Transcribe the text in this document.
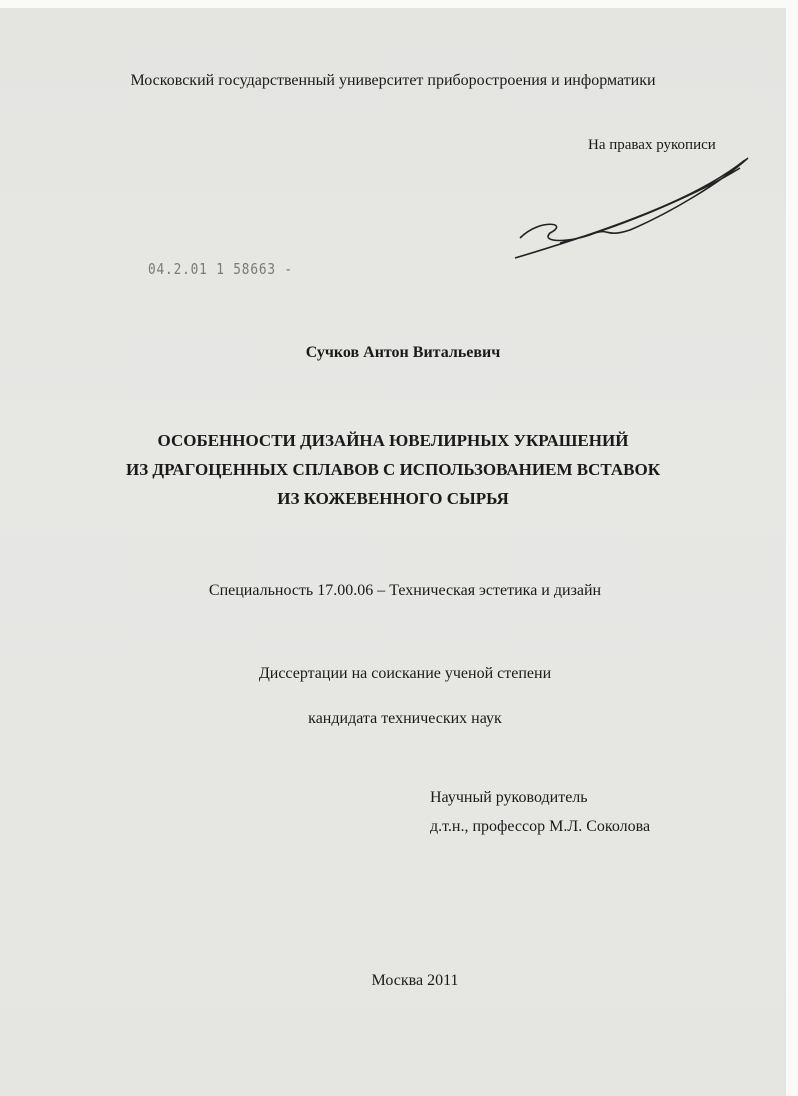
Московский государственный университет приборостроения и информатики
На правах рукописи
04.2.01 1 58663 -
Сучков Антон Витальевич
ОСОБЕННОСТИ ДИЗАЙНА ЮВЕЛИРНЫХ УКРАШЕНИЙ
ИЗ ДРАГОЦЕННЫХ СПЛАВОВ С ИСПОЛЬЗОВАНИЕМ ВСТАВОК
ИЗ КОЖЕВЕННОГО СЫРЬЯ
Специальность 17.00.06 – Техническая эстетика и дизайн
Диссертации на соискание ученой степени
кандидата технических наук
Научный руководитель
д.т.н., профессор М.Л. Соколова
Москва 2011
